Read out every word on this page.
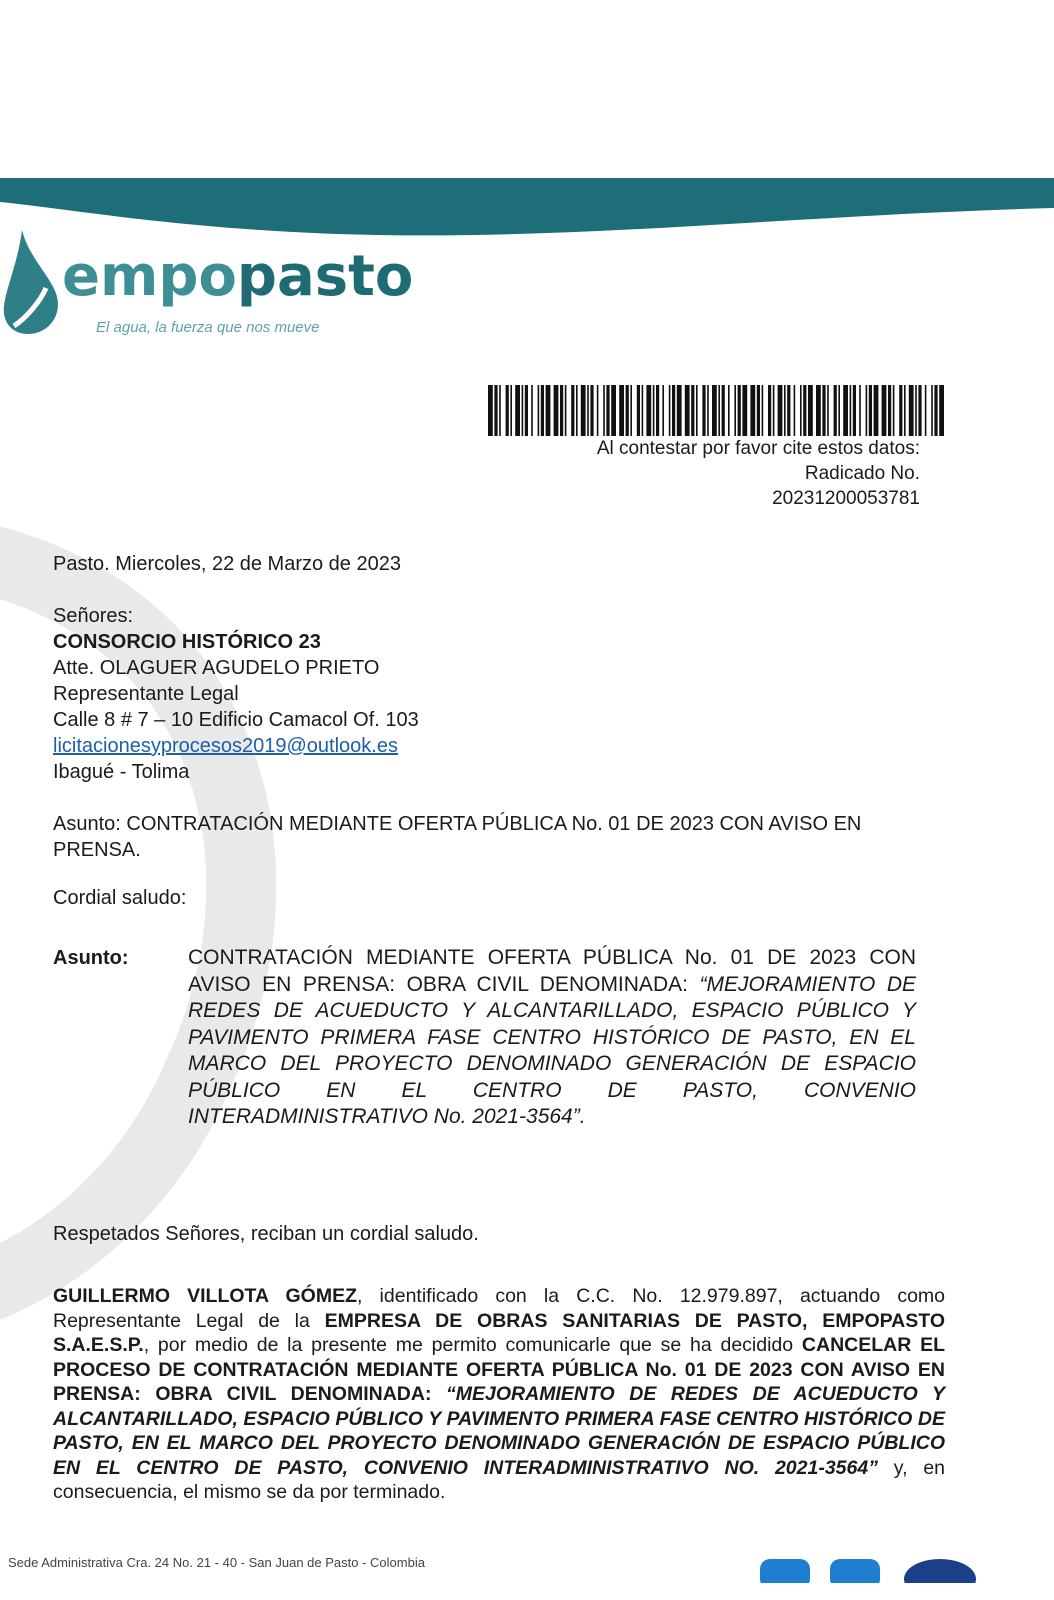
empopasto
El agua, la fuerza que nos mueve
Al contestar por favor cite estos datos:
Radicado No.
20231200053781
Pasto. Miercoles, 22 de Marzo de 2023
Señores:
CONSORCIO HISTÓRICO 23
Atte. OLAGUER AGUDELO PRIETO
Representante Legal
Calle 8 # 7 – 10 Edificio Camacol Of. 103
licitacionesyprocesos2019@outlook.es
Ibagué - Tolima
Asunto: CONTRATACIÓN MEDIANTE OFERTA PÚBLICA No. 01 DE 2023 CON AVISO EN PRENSA.
Cordial saludo:
Asunto:	CONTRATACIÓN MEDIANTE OFERTA PÚBLICA No. 01 DE 2023 CON AVISO EN PRENSA: OBRA CIVIL DENOMINADA: “MEJORAMIENTO DE REDES DE ACUEDUCTO Y ALCANTARILLADO, ESPACIO PÚBLICO Y PAVIMENTO PRIMERA FASE CENTRO HISTÓRICO DE PASTO, EN EL MARCO DEL PROYECTO DENOMINADO GENERACIÓN DE ESPACIO PÚBLICO EN EL CENTRO DE PASTO, CONVENIO INTERADMINISTRATIVO No. 2021-3564”.
Respetados Señores, reciban un cordial saludo.
GUILLERMO VILLOTA GÓMEZ, identificado con la C.C. No. 12.979.897, actuando como Representante Legal de la EMPRESA DE OBRAS SANITARIAS DE PASTO, EMPOPASTO S.A.E.S.P., por medio de la presente me permito comunicarle que se ha decidido CANCELAR EL PROCESO DE CONTRATACIÓN MEDIANTE OFERTA PÚBLICA No. 01 DE 2023 CON AVISO EN PRENSA: OBRA CIVIL DENOMINADA: “MEJORAMIENTO DE REDES DE ACUEDUCTO Y ALCANTARILLADO, ESPACIO PÚBLICO Y PAVIMENTO PRIMERA FASE CENTRO HISTÓRICO DE PASTO, EN EL MARCO DEL PROYECTO DENOMINADO GENERACIÓN DE ESPACIO PÚBLICO EN EL CENTRO DE PASTO, CONVENIO INTERADMINISTRATIVO NO. 2021-3564” y, en consecuencia, el mismo se da por terminado.
Sede Administrativa Cra. 24 No. 21 - 40 - San Juan de Pasto - Colombia
